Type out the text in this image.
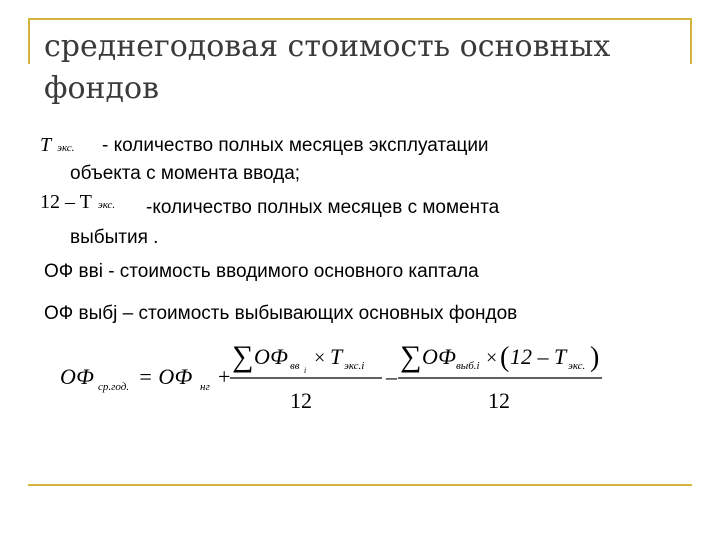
среднегодовая стоимость основных фондов
Tэкс. - количество полных месяцев эксплуатации
объекта с момента ввода;
12 – T экс. -количество полных месяцев с момента
выбытия .
ОФ вві - стоимость вводимого основного каптала
ОФ выбj – стоимость выбывающих основных фондов
ОФ ср.год. = ОФ нг +
∑ ОФ вв i
× T экс.i
12
–
∑ ОФ выб.i × ( 12 – T экс. )
12
